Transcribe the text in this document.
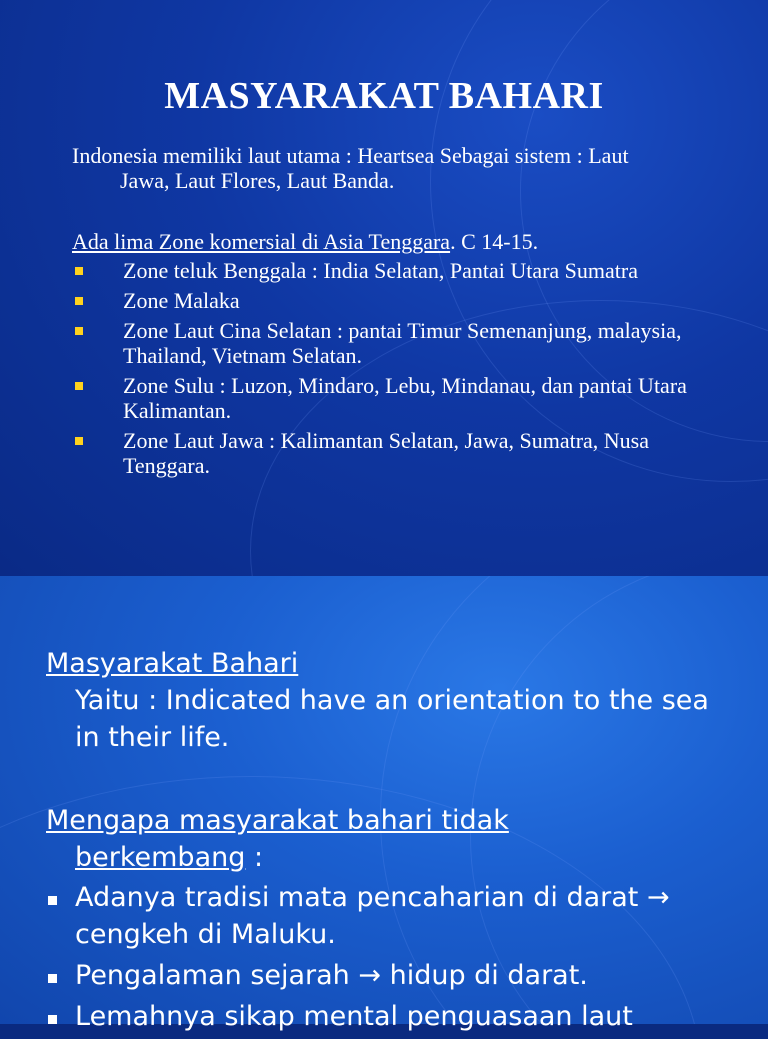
MASYARAKAT BAHARI
Indonesia memiliki laut utama : Heartsea Sebagai sistem : Laut
Jawa, Laut Flores, Laut Banda.
Ada lima Zone komersial di Asia Tenggara. C 14-15.
Zone teluk Benggala : India Selatan, Pantai Utara Sumatra
Zone Malaka
Zone Laut Cina Selatan : pantai Timur Semenanjung, malaysia, Thailand, Vietnam Selatan.
Zone Sulu : Luzon, Mindaro, Lebu, Mindanau, dan pantai Utara Kalimantan.
Zone Laut Jawa : Kalimantan Selatan, Jawa, Sumatra, Nusa Tenggara.
Masyarakat Bahari
Yaitu : Indicated have an orientation to the sea in their life.
Mengapa masyarakat bahari tidak
berkembang :
Adanya tradisi mata pencaharian di darat → cengkeh di Maluku.
Pengalaman sejarah → hidup di darat.
Lemahnya sikap mental penguasaan laut
